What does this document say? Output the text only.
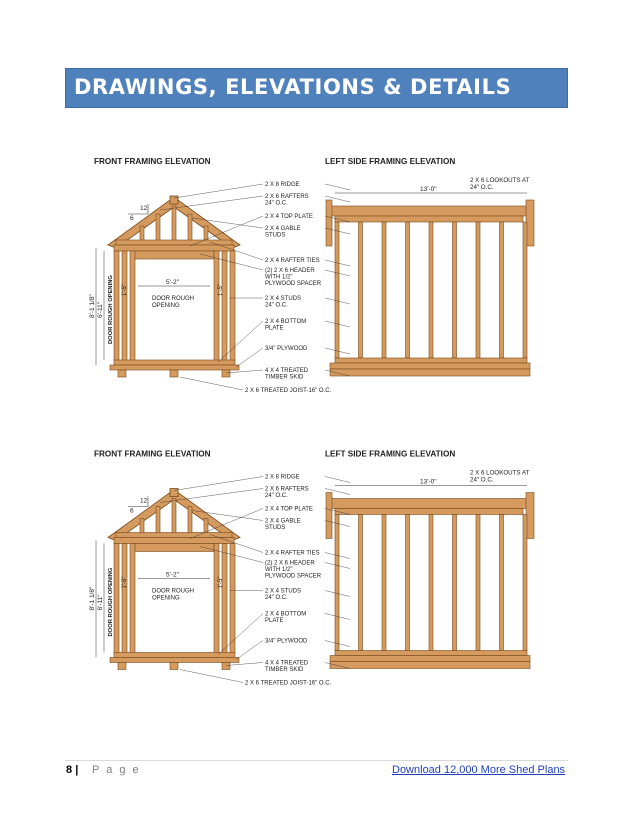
DRAWINGS, ELEVATIONS & DETAILS
FRONT FRAMING ELEVATION	LEFT SIDE FRAMING ELEVATION
12
6
5'-2"
DOOR ROUGH
OPENING
8'-1 1/8" 6'-11" DOOR ROUGH OPENING 1'-5"	1'-5"
13'-0"
2 X 6 LOOKOUTS AT
24" O.C.
2 X 8 RIDGE
2 X 6 RAFTERS
24" O.C.
2 X 4 TOP PLATE
2 X 4 GABLE
STUDS
2 X 4 RAFTER TIES
(2) 2 X 6 HEADER
WITH 1/2"
PLYWOOD SPACER
2 X 4 STUDS
24" O.C.
2 X 4 BOTTOM
PLATE
3/4" PLYWOOD
4 X 4 TREATED
TIMBER SKID
2 X 6 TREATED JOIST-16" O.C.
FRONT FRAMING ELEVATION	LEFT SIDE FRAMING ELEVATION
12
6
5'-2"
DOOR ROUGH
OPENING
8'-1 1/8" 6'-11" DOOR ROUGH OPENING 1'-5"	1'-5"
13'-0"
2 X 6 LOOKOUTS AT
24" O.C.
2 X 8 RIDGE
2 X 6 RAFTERS
24" O.C.
2 X 4 TOP PLATE
2 X 4 GABLE
STUDS
2 X 4 RAFTER TIES
(2) 2 X 6 HEADER
WITH 1/2"
PLYWOOD SPACER
2 X 4 STUDS
24" O.C.
2 X 4 BOTTOM
PLATE
3/4" PLYWOOD
4 X 4 TREATED
TIMBER SKID
2 X 6 TREATED JOIST-16" O.C.
8 | P a g e	Download 12,000 More Shed Plans
